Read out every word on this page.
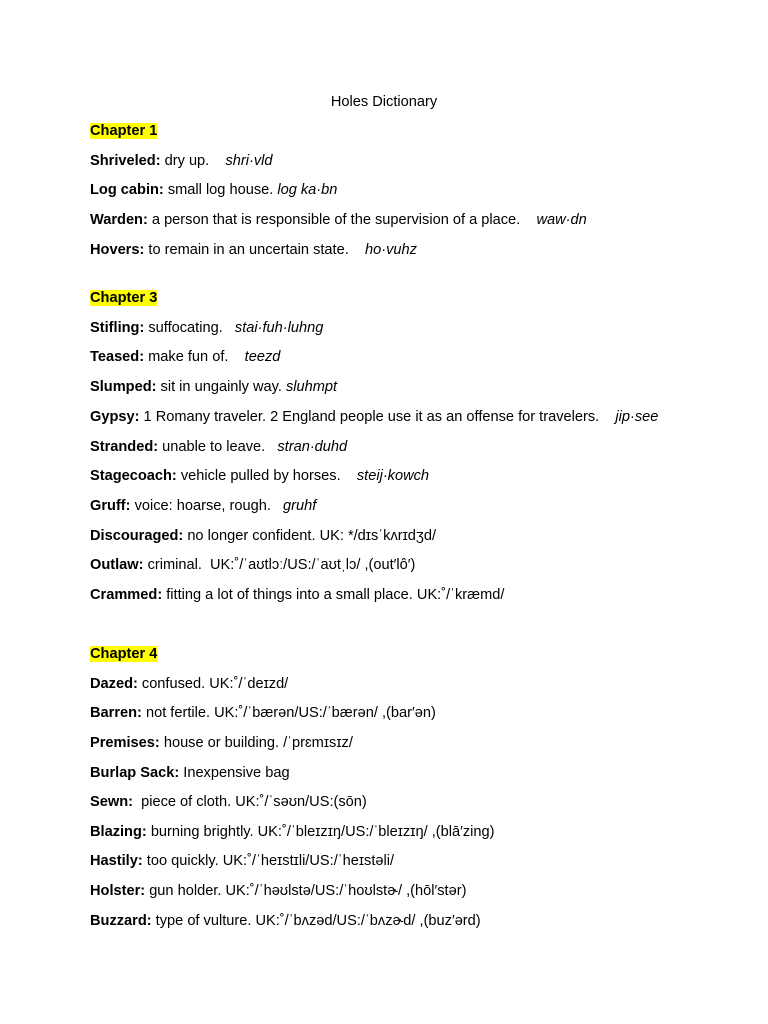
Holes Dictionary
Chapter 1
Shriveled: dry up.    shri·vld
Log cabin: small log house. log ka·bn
Warden: a person that is responsible of the supervision of a place.    waw·dn
Hovers: to remain in an uncertain state.    ho·vuhz
Chapter 3
Stifling: suffocating.   stai·fuh·luhng
Teased: make fun of.    teezd
Slumped: sit in ungainly way. sluhmpt
Gypsy: 1 Romany traveler. 2 England people use it as an offense for travelers.    jip·see
Stranded: unable to leave.   stran·duhd
Stagecoach: vehicle pulled by horses.    steij·kowch
Gruff: voice: hoarse, rough.   gruhf
Discouraged: no longer confident. UK: */dɪsˈkʌrɪdʒd/
Outlaw: criminal.  UK:˚/ˈaʊtlɔː/US:/ˈaʊtˌlɔ/ ,(out′lô′)
Crammed: fitting a lot of things into a small place. UK:˚/ˈkræmd/
Chapter 4
Dazed: confused. UK:˚/ˈdeɪzd/
Barren: not fertile. UK:˚/ˈbærən/US:/ˈbærən/ ,(bar′ən)
Premises: house or building. /ˈprɛmɪsɪz/
Burlap Sack: Inexpensive bag
Sewn:  piece of cloth. UK:˚/ˈsəʊn/US:(sōn)
Blazing: burning brightly. UK:˚/ˈbleɪzɪŋ/US:/ˈbleɪzɪŋ/ ,(blā′zing)
Hastily: too quickly. UK:˚/ˈheɪstɪli/US:/ˈheɪstəli/
Holster: gun holder. UK:˚/ˈhəʊlstə/US:/ˈhoʊlstɚ/ ,(hōl′stər)
Buzzard: type of vulture. UK:˚/ˈbʌzəd/US:/ˈbʌzɚd/ ,(buz′ərd)
